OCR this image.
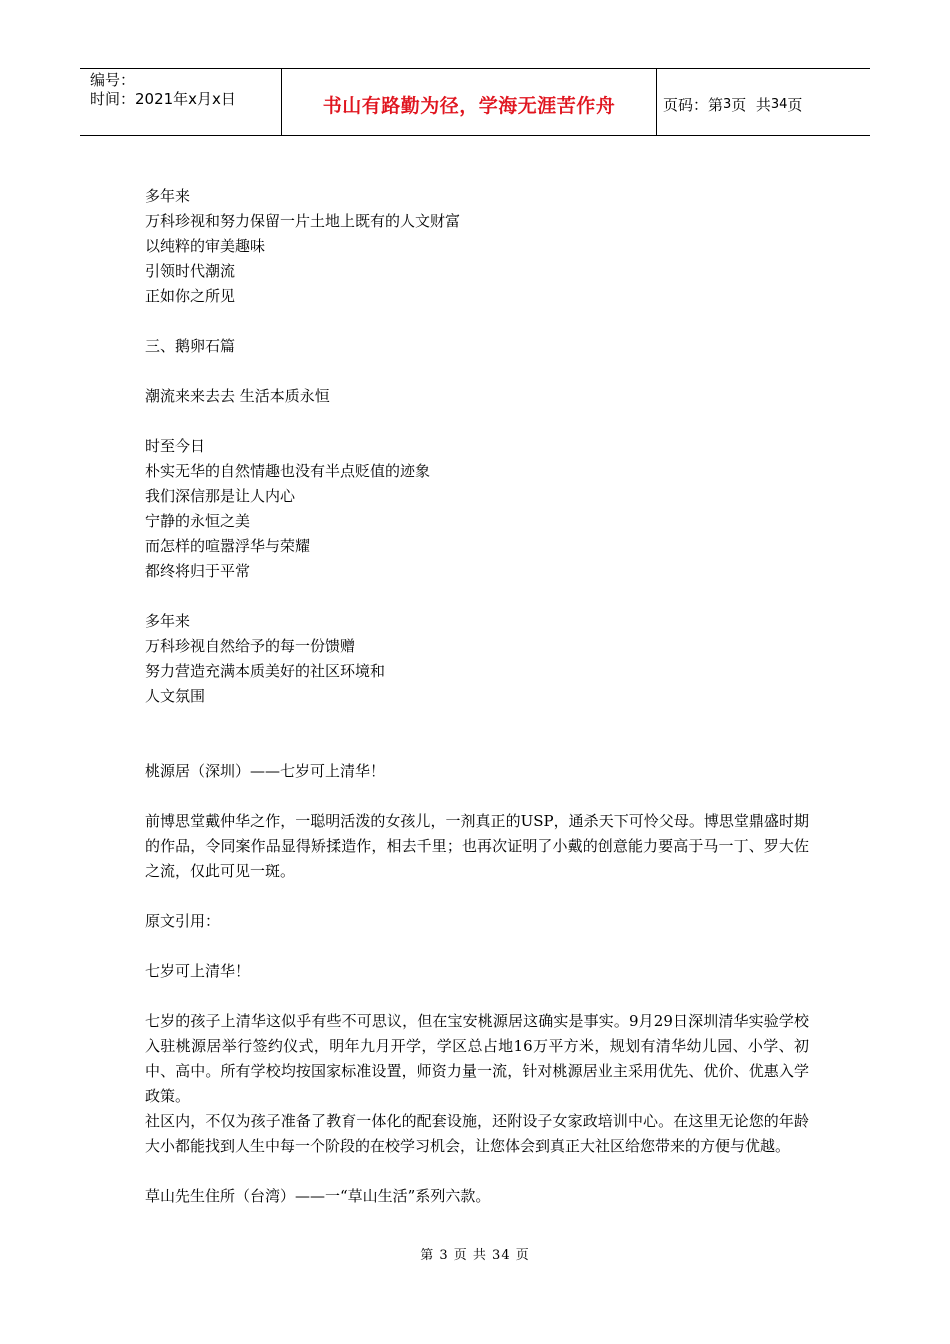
编号：
时间：2021年x月x日	书山有路勤为径，学海无涯苦作舟	页码：第 3 页  共 34 页
多年来
万科珍视和努力保留一片土地上既有的人文财富
以纯粹的审美趣味
引领时代潮流
正如你之所见
三、鹅卵石篇
潮流来来去去 生活本质永恒
时至今日
朴实无华的自然情趣也没有半点贬值的迹象
我们深信那是让人内心
宁静的永恒之美
而怎样的喧嚣浮华与荣耀
都终将归于平常
多年来
万科珍视自然给予的每一份馈赠
努力营造充满本质美好的社区环境和
人文氛围
桃源居（深圳）——七岁可上清华！
前博思堂戴仲华之作，一聪明活泼的女孩儿，一剂真正的USP，通杀天下可怜父母。博思堂鼎盛时期的作品，令同案作品显得矫揉造作，相去千里；也再次证明了小戴的创意能力要高于马一丁、罗大佐之流，仅此可见一斑。
原文引用：
七岁可上清华！
七岁的孩子上清华这似乎有些不可思议，但在宝安桃源居这确实是事实。9月29日深圳清华实验学校入驻桃源居举行签约仪式，明年九月开学，学区总占地16万平方米，规划有清华幼儿园、小学、初中、高中。所有学校均按国家标准设置，师资力量一流，针对桃源居业主采用优先、优价、优惠入学政策。
社区内，不仅为孩子准备了教育一体化的配套设施，还附设子女家政培训中心。在这里无论您的年龄大小都能找到人生中每一个阶段的在校学习机会，让您体会到真正大社区给您带来的方便与优越。
草山先生住所（台湾）——一“草山生活”系列六款。
第 3 页 共 34 页
